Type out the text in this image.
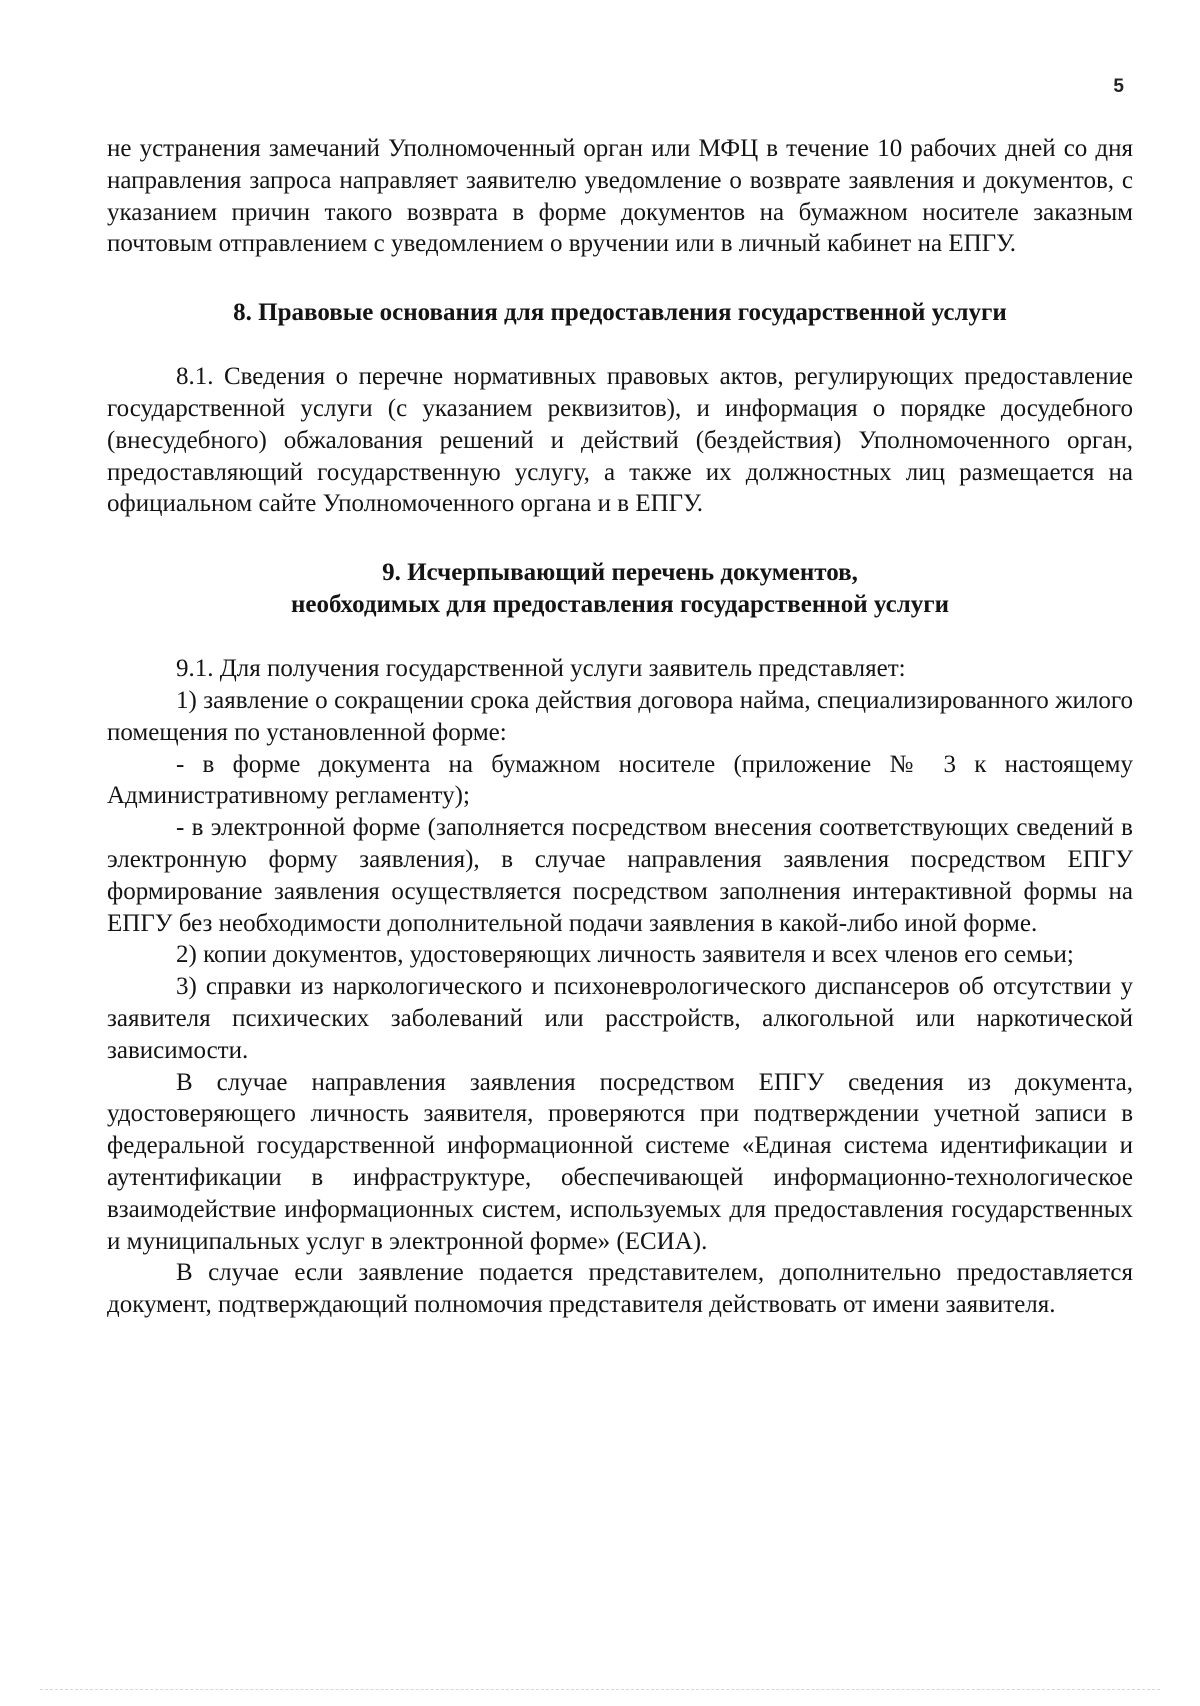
5

не устранения замечаний Уполномоченный орган или МФЦ в течение 10 рабочих дней со дня направления запроса направляет заявителю уведомление о возврате заявления и документов, с указанием причин такого возврата в форме документов на бумажном носителе заказным почтовым отправлением с уведомлением о вручении или в личный кабинет на ЕПГУ.

8. Правовые основания для предоставления государственной услуги

8.1. Сведения о перечне нормативных правовых актов, регулирующих предоставление государственной услуги (с указанием реквизитов), и информация о порядке досудебного (внесудебного) обжалования решений и действий (бездействия) Уполномоченного орган, предоставляющий государственную услугу, а также их должностных лиц размещается на официальном сайте Уполномоченного органа и в ЕПГУ.

9. Исчерпывающий перечень документов,

необходимых для предоставления государственной услуги

9.1. Для получения государственной услуги заявитель представляет:

1) заявление о сокращении срока действия договора найма, специализированного жилого помещения по установленной форме:

- в форме документа на бумажном носителе (приложение № 3 к настоящему Административному регламенту);

- в электронной форме (заполняется посредством внесения соответствующих сведений в электронную форму заявления), в случае направления заявления посредством ЕПГУ формирование заявления осуществляется посредством заполнения интерактивной формы на ЕПГУ без необходимости дополнительной подачи заявления в какой-либо иной форме.

2) копии документов, удостоверяющих личность заявителя и всех членов его семьи;

3) справки из наркологического и психоневрологического диспансеров об отсутствии у заявителя психических заболеваний или расстройств, алкогольной или наркотической зависимости.

В случае направления заявления посредством ЕПГУ сведения из документа, удостоверяющего личность заявителя, проверяются при подтверждении учетной записи в федеральной государственной информационной системе «Единая система идентификации и аутентификации в инфраструктуре, обеспечивающей информационно-технологическое взаимодействие информационных систем, используемых для предоставления государственных и муниципальных услуг в электронной форме» (ЕСИА).

В случае если заявление подается представителем, дополнительно предоставляется документ, подтверждающий полномочия представителя действовать от имени заявителя.
